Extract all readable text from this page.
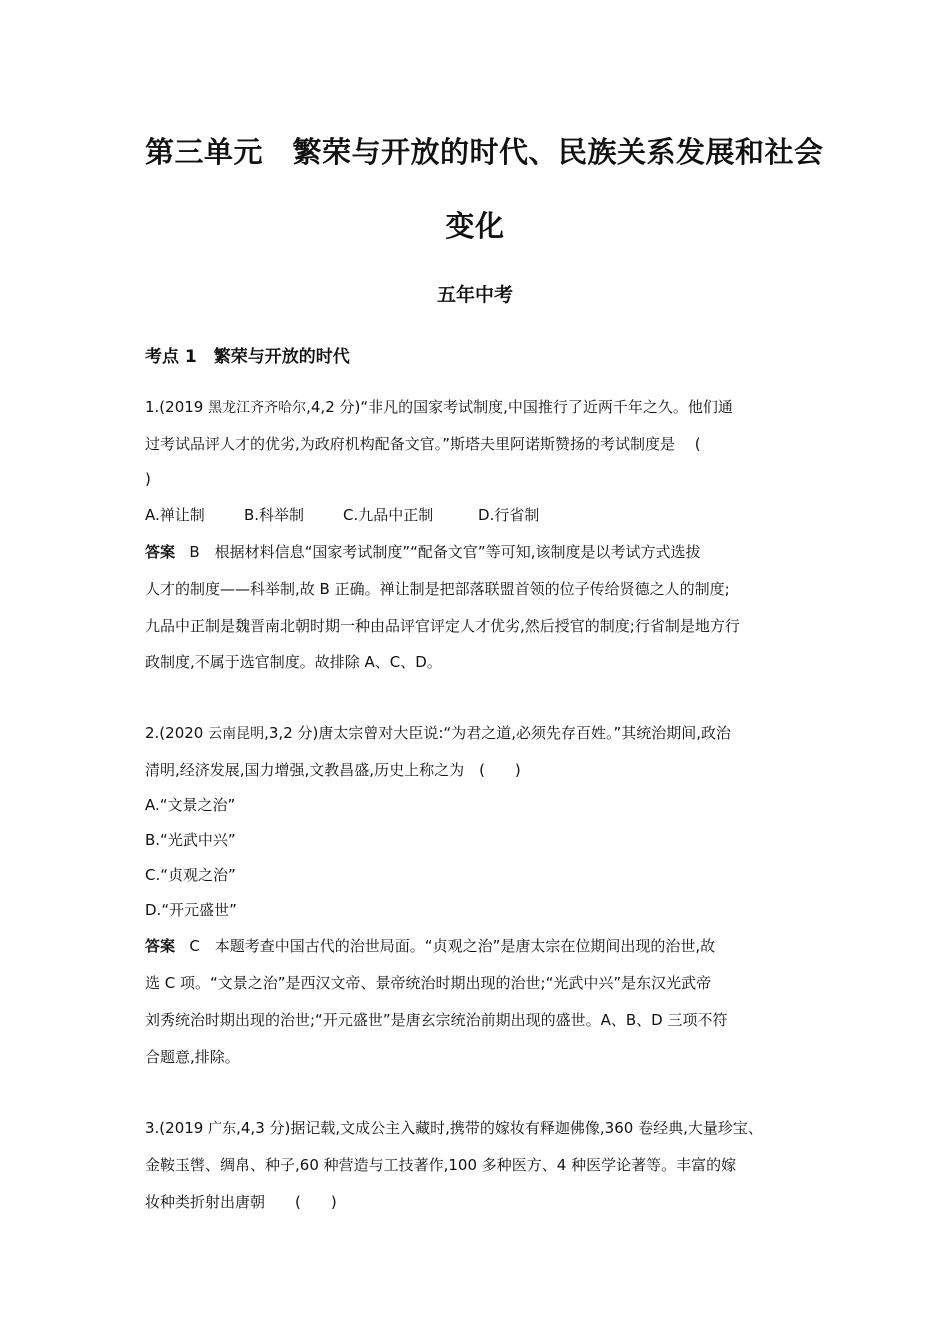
第三单元　繁荣与开放的时代、民族关系发展和社会
变化
五年中考
考点 1　繁荣与开放的时代
1.(2019 黑龙江齐齐哈尔,4,2 分)“非凡的国家考试制度,中国推行了近两千年之久。他们通
过考试品评人才的优劣,为政府机构配备文官。”斯塔夫里阿诺斯赞扬的考试制度是　 (
)
A.禅让制	B.科举制	C.九品中正制	D.行省制
答案 B　根据材料信息“国家考试制度”“配备文官”等可知,该制度是以考试方式选拔
人才的制度——科举制,故 B 正确。禅让制是把部落联盟首领的位子传给贤德之人的制度;
九品中正制是魏晋南北朝时期一种由品评官评定人才优劣,然后授官的制度;行省制是地方行
政制度,不属于选官制度。故排除 A、C、D。
2.(2020 云南昆明,3,2 分)唐太宗曾对大臣说:“为君之道,必须先存百姓。”其统治期间,政治
清明,经济发展,国力增强,文教昌盛,历史上称之为　(　　)
A.“文景之治”
B.“光武中兴”
C.“贞观之治”
D.“开元盛世”
答案 C　本题考查中国古代的治世局面。“贞观之治”是唐太宗在位期间出现的治世,故
选 C 项。“文景之治”是西汉文帝、景帝统治时期出现的治世;“光武中兴”是东汉光武帝
刘秀统治时期出现的治世;“开元盛世”是唐玄宗统治前期出现的盛世。A、B、D 三项不符
合题意,排除。
3.(2019 广东,4,3 分)据记载,文成公主入藏时,携带的嫁妆有释迦佛像,360 卷经典,大量珍宝、
金鞍玉辔、绸帛、种子,60 种营造与工技著作,100 多种医方、4 种医学论著等。丰富的嫁
妆种类折射出唐朝　　(　　)
